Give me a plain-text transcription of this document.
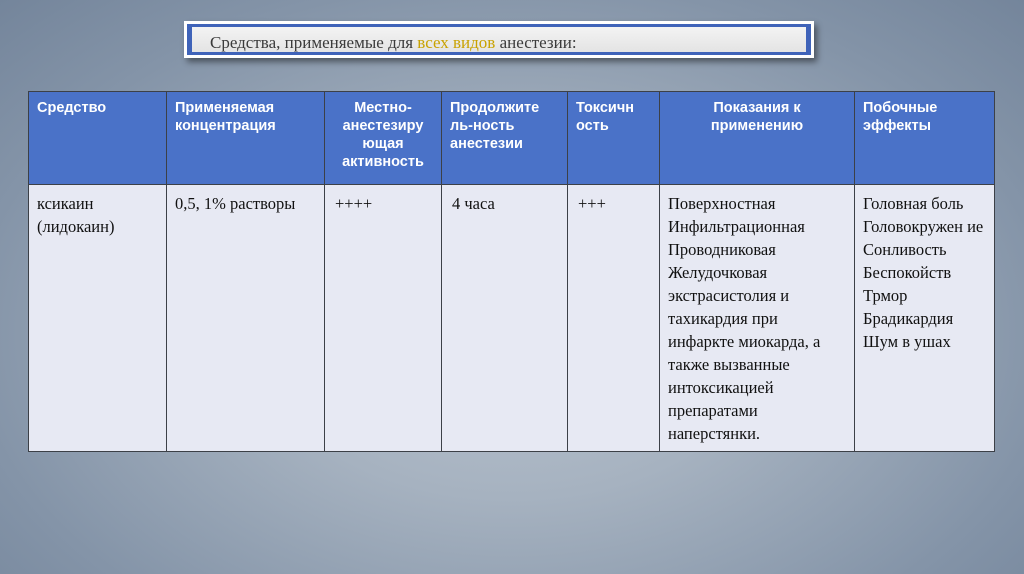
Средства, применяемые для всех видов анестезии:
Средство	Применяемая концентрация	Местно-анестезиру ющая активность	Продолжите ль-ность анестезии	Токсичн ость	Показания к применению	Побочные эффекты
ксикаин (лидокаин)	0,5, 1% растворы	++++	4 часа	+++	Поверхностная Инфильтрационная Проводниковая Желудочковая экстрасистолия и тахикардия при инфаркте миокарда, а также вызванные интоксикацией препаратами наперстянки.	Головная боль Головокружен ие Сонливость Беспокойств Трмор Брадикардия Шум в ушах
